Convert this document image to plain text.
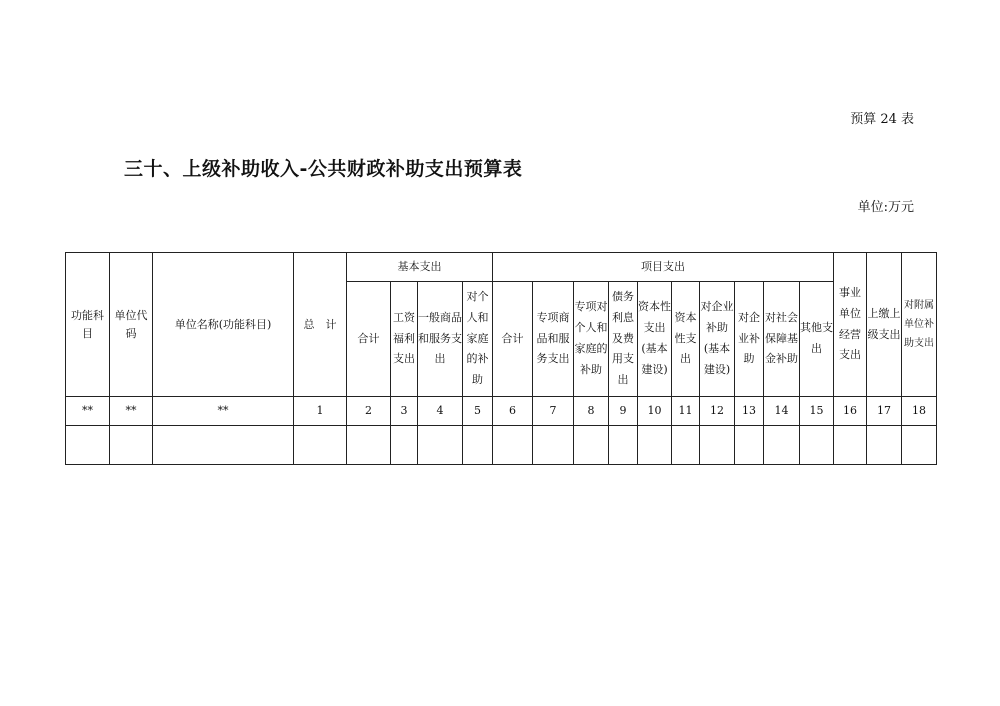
预算 24 表
三十、上级补助收入-公共财政补助支出预算表
单位:万元
功能科目	单位代码	单位名称(功能科目)	总　计	基本支出				项目支出										事业单位经营支出	上缴上级支出	对附属单位补助支出
				合计	工资福利支出	一般商品和服务支出	对个人和家庭的补助	合计	专项商品和服务支出	专项对个人和家庭的补助	债务利息及费用支出	资本性支出(基本建设)	资本性支出	对企业补助(基本建设)	对企业补助	对社会保障基金补助	其他支出			
**	**	**	1	2	3	4	5	6	7	8	9	10	11	12	13	14	15	16	17	18
